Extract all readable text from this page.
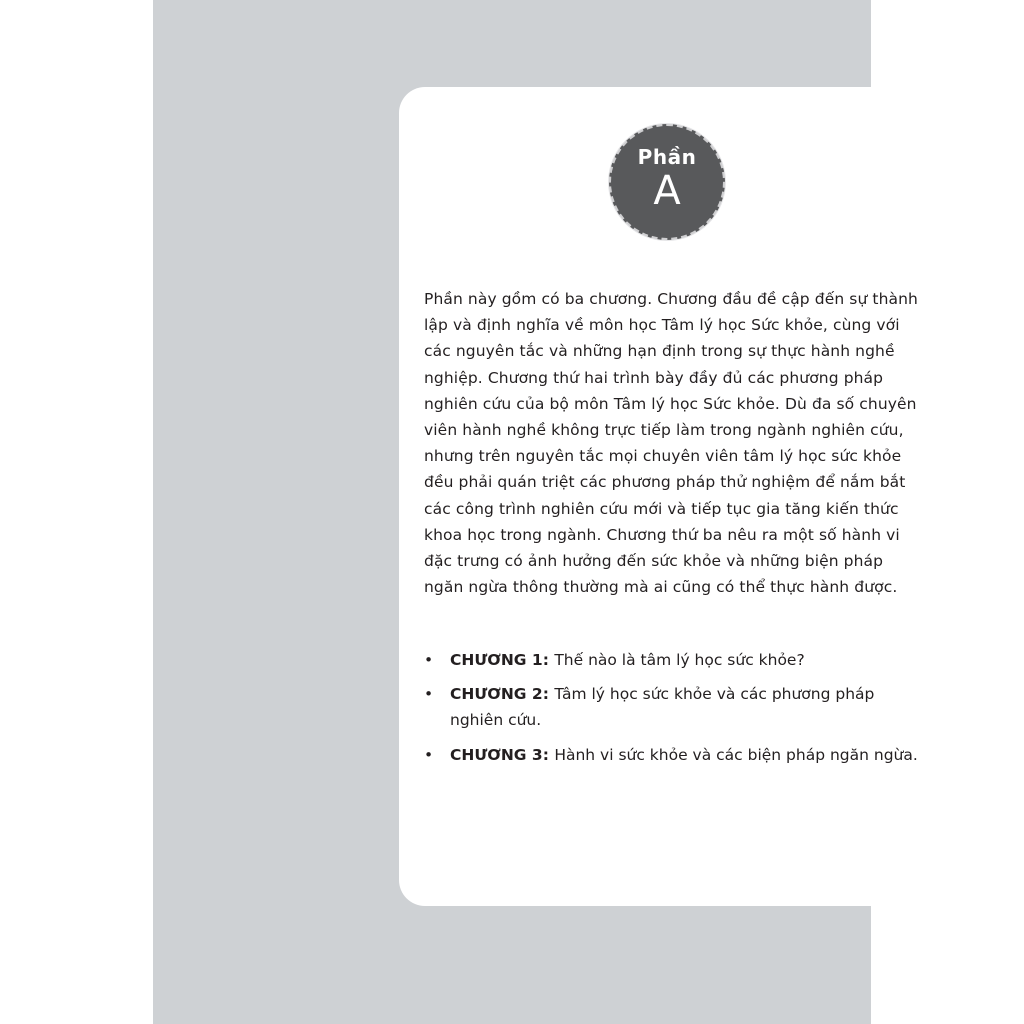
Phần
A

Phần này gồm có ba chương. Chương đầu đề cập đến sự thành lập và định nghĩa về môn học Tâm lý học Sức khỏe, cùng với các nguyên tắc và những hạn định trong sự thực hành nghề nghiệp. Chương thứ hai trình bày đầy đủ các phương pháp nghiên cứu của bộ môn Tâm lý học Sức khỏe. Dù đa số chuyên viên hành nghề không trực tiếp làm trong ngành nghiên cứu, nhưng trên nguyên tắc mọi chuyên viên tâm lý học sức khỏe đều phải quán triệt các phương pháp thử nghiệm để nắm bắt các công trình nghiên cứu mới và tiếp tục gia tăng kiến thức khoa học trong ngành. Chương thứ ba nêu ra một số hành vi đặc trưng có ảnh hưởng đến sức khỏe và những biện pháp ngăn ngừa thông thường mà ai cũng có thể thực hành được.

• CHƯƠNG 1: Thế nào là tâm lý học sức khỏe?
• CHƯƠNG 2: Tâm lý học sức khỏe và các phương pháp nghiên cứu.
• CHƯƠNG 3: Hành vi sức khỏe và các biện pháp ngăn ngừa.
